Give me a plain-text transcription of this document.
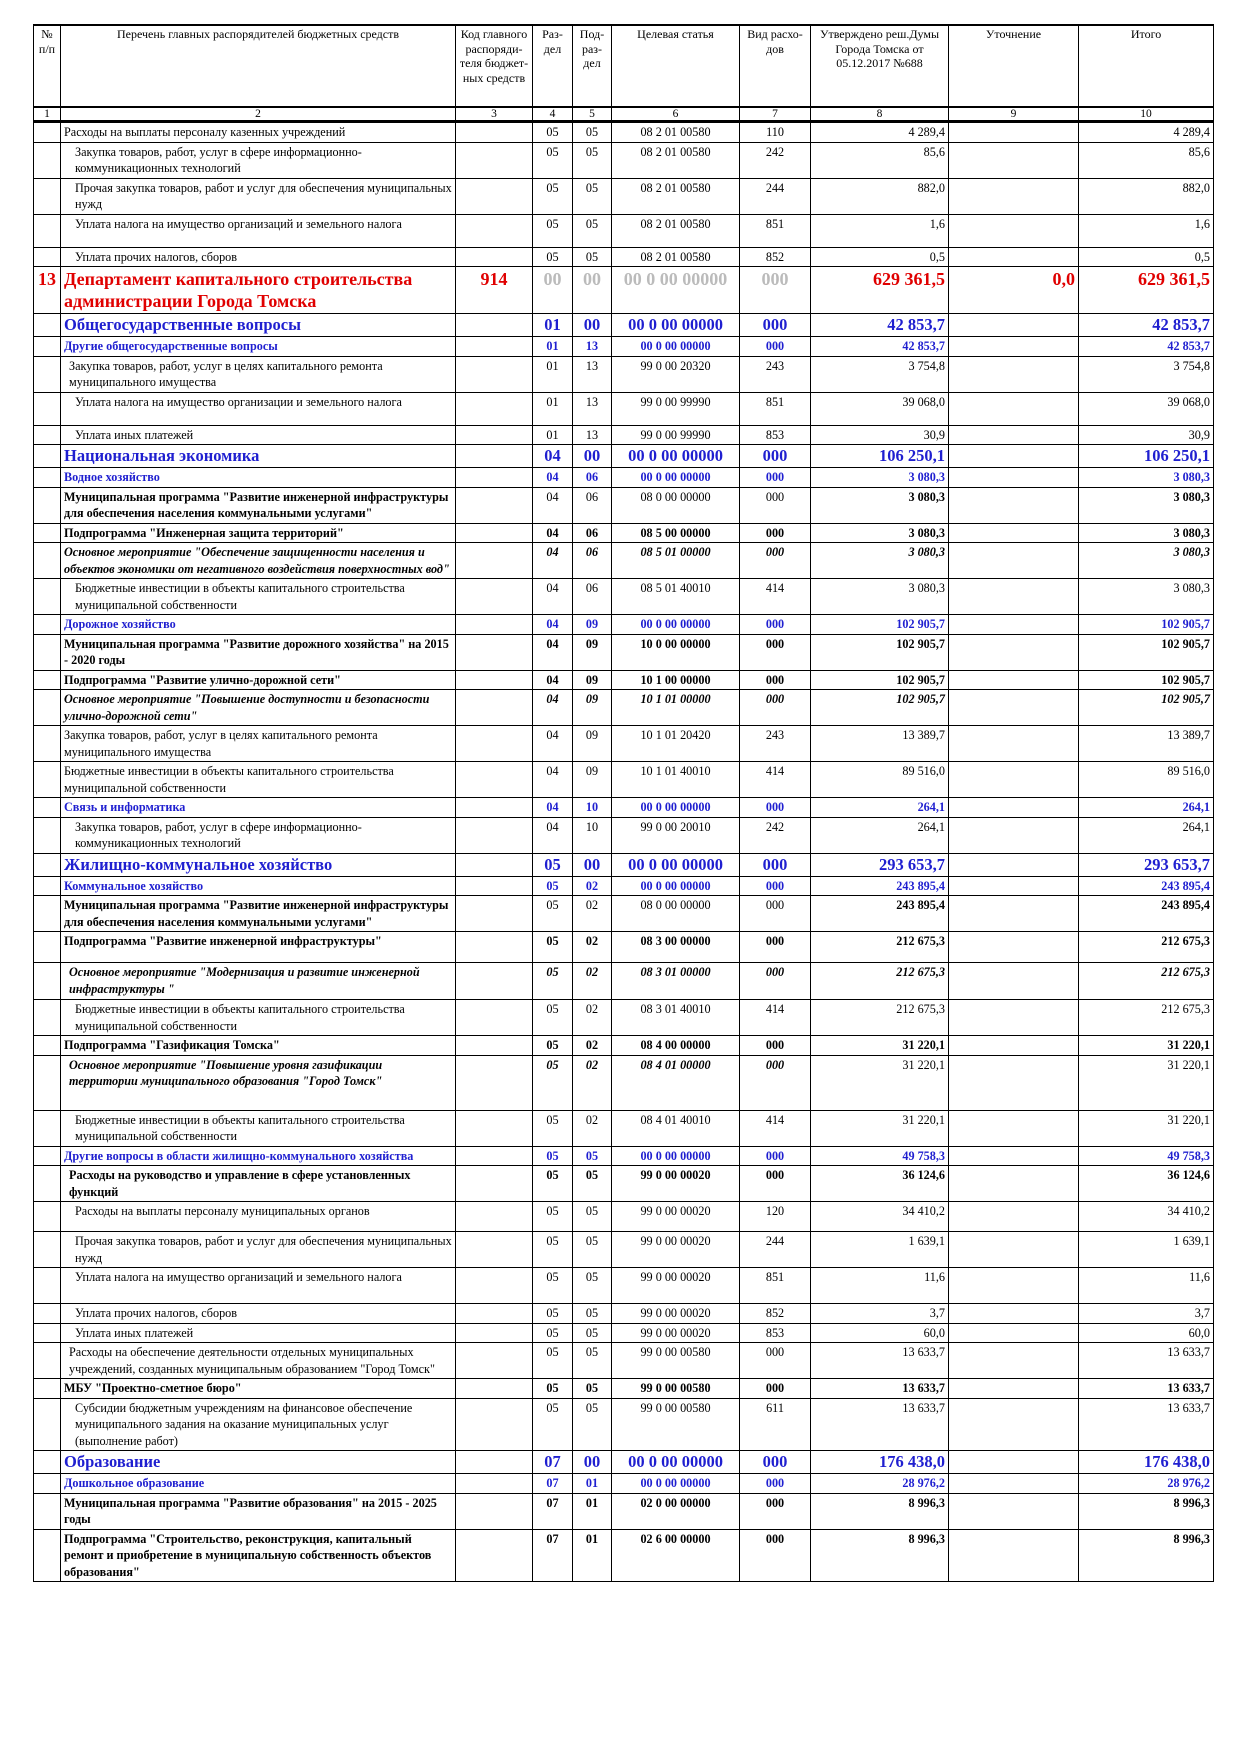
№ п/п	Перечень главных распорядителей бюджетных средств	Код главного распоряди-теля бюджет-ных средств	Раз-дел	Под-раз-дел	Целевая статья	Вид расхо-дов	Утверждено реш.Думы Города Томска от 05.12.2017 №688	Уточнение	Итого
1	2	3	4	5	6	7	8	9	10
	Расходы на выплаты персоналу казенных учреждений		05	05	08 2 01 00580	110	4 289,4		4 289,4
	Закупка товаров, работ, услуг в сфере информационно-коммуникационных технологий		05	05	08 2 01 00580	242	85,6		85,6
	Прочая закупка товаров, работ и услуг для обеспечения муниципальных нужд		05	05	08 2 01 00580	244	882,0		882,0
	Уплата налога на имущество организаций и земельного налога		05	05	08 2 01 00580	851	1,6		1,6
	Уплата прочих налогов, сборов		05	05	08 2 01 00580	852	0,5		0,5
13	Департамент капитального строительства администрации Города Томска	914	00	00	00 0 00 00000	000	629 361,5	0,0	629 361,5
	Общегосударственные вопросы		01	00	00 0 00 00000	000	42 853,7		42 853,7
	Другие общегосударственные вопросы		01	13	00 0 00 00000	000	42 853,7		42 853,7
	Закупка товаров, работ, услуг в целях капитального ремонта муниципального имущества		01	13	99 0 00 20320	243	3 754,8		3 754,8
	Уплата налога на имущество организации и земельного налога		01	13	99 0 00 99990	851	39 068,0		39 068,0
	Уплата иных платежей		01	13	99 0 00 99990	853	30,9		30,9
	Национальная экономика		04	00	00 0 00 00000	000	106 250,1		106 250,1
	Водное хозяйство		04	06	00 0 00 00000	000	3 080,3		3 080,3
	Муниципальная программа "Развитие инженерной инфраструктуры для обеспечения населения коммунальными услугами"		04	06	08 0 00 00000	000	3 080,3		3 080,3
	Подпрограмма "Инженерная защита территорий"		04	06	08 5 00 00000	000	3 080,3		3 080,3
	Основное мероприятие "Обеспечение защищенности населения и объектов экономики от негативного воздействия поверхностных вод"		04	06	08 5 01 00000	000	3 080,3		3 080,3
	Бюджетные инвестиции в объекты капитального строительства муниципальной собственности		04	06	08 5 01 40010	414	3 080,3		3 080,3
	Дорожное хозяйство		04	09	00 0 00 00000	000	102 905,7		102 905,7
	Муниципальная программа "Развитие дорожного хозяйства" на 2015 - 2020 годы		04	09	10 0 00 00000	000	102 905,7		102 905,7
	Подпрограмма "Развитие улично-дорожной сети"		04	09	10 1 00 00000	000	102 905,7		102 905,7
	Основное мероприятие "Повышение доступности и безопасности улично-дорожной сети"		04	09	10 1 01 00000	000	102 905,7		102 905,7
	Закупка товаров, работ, услуг в целях капитального ремонта муниципального имущества		04	09	10 1 01 20420	243	13 389,7		13 389,7
	Бюджетные инвестиции в объекты капитального строительства муниципальной собственности		04	09	10 1 01 40010	414	89 516,0		89 516,0
	Связь и информатика		04	10	00 0 00 00000	000	264,1		264,1
	Закупка товаров, работ, услуг в сфере информационно-коммуникационных технологий		04	10	99 0 00 20010	242	264,1		264,1
	Жилищно-коммунальное хозяйство		05	00	00 0 00 00000	000	293 653,7		293 653,7
	Коммунальное хозяйство		05	02	00 0 00 00000	000	243 895,4		243 895,4
	Муниципальная программа "Развитие инженерной инфраструктуры для обеспечения населения коммунальными услугами"		05	02	08 0 00 00000	000	243 895,4		243 895,4
	Подпрограмма "Развитие инженерной инфраструктуры"		05	02	08 3 00 00000	000	212 675,3		212 675,3
	Основное мероприятие "Модернизация и развитие инженерной инфраструктуры "		05	02	08 3 01 00000	000	212 675,3		212 675,3
	Бюджетные инвестиции в объекты капитального строительства муниципальной собственности		05	02	08 3 01 40010	414	212 675,3		212 675,3
	Подпрограмма "Газификация Томска"		05	02	08 4 00 00000	000	31 220,1		31 220,1
	Основное мероприятие "Повышение уровня газификации территории муниципального образования "Город Томск"		05	02	08 4 01 00000	000	31 220,1		31 220,1
	Бюджетные инвестиции в объекты капитального строительства муниципальной собственности		05	02	08 4 01 40010	414	31 220,1		31 220,1
	Другие вопросы в области жилищно-коммунального хозяйства		05	05	00 0 00 00000	000	49 758,3		49 758,3
	Расходы на руководство и управление в сфере установленных функций		05	05	99 0 00 00020	000	36 124,6		36 124,6
	Расходы на выплаты персоналу муниципальных органов		05	05	99 0 00 00020	120	34 410,2		34 410,2
	Прочая закупка товаров, работ и услуг для обеспечения муниципальных нужд		05	05	99 0 00 00020	244	1 639,1		1 639,1
	Уплата налога на имущество организаций и земельного налога		05	05	99 0 00 00020	851	11,6		11,6
	Уплата прочих налогов, сборов		05	05	99 0 00 00020	852	3,7		3,7
	Уплата иных платежей		05	05	99 0 00 00020	853	60,0		60,0
	Расходы на обеспечение деятельности отдельных муниципальных учреждений, созданных муниципальным образованием "Город Томск"		05	05	99 0 00 00580	000	13 633,7		13 633,7
	МБУ "Проектно-сметное бюро"		05	05	99 0 00 00580	000	13 633,7		13 633,7
	Субсидии бюджетным учреждениям на финансовое обеспечение муниципального задания на оказание муниципальных услуг (выполнение работ)		05	05	99 0 00 00580	611	13 633,7		13 633,7
	Образование		07	00	00 0 00 00000	000	176 438,0		176 438,0
	Дошкольное образование		07	01	00 0 00 00000	000	28 976,2		28 976,2
	Муниципальная программа "Развитие образования" на 2015 - 2025 годы		07	01	02 0 00 00000	000	8 996,3		8 996,3
	Подпрограмма "Строительство, реконструкция, капитальный ремонт и приобретение в муниципальную собственность объектов образования"		07	01	02 6 00 00000	000	8 996,3		8 996,3
